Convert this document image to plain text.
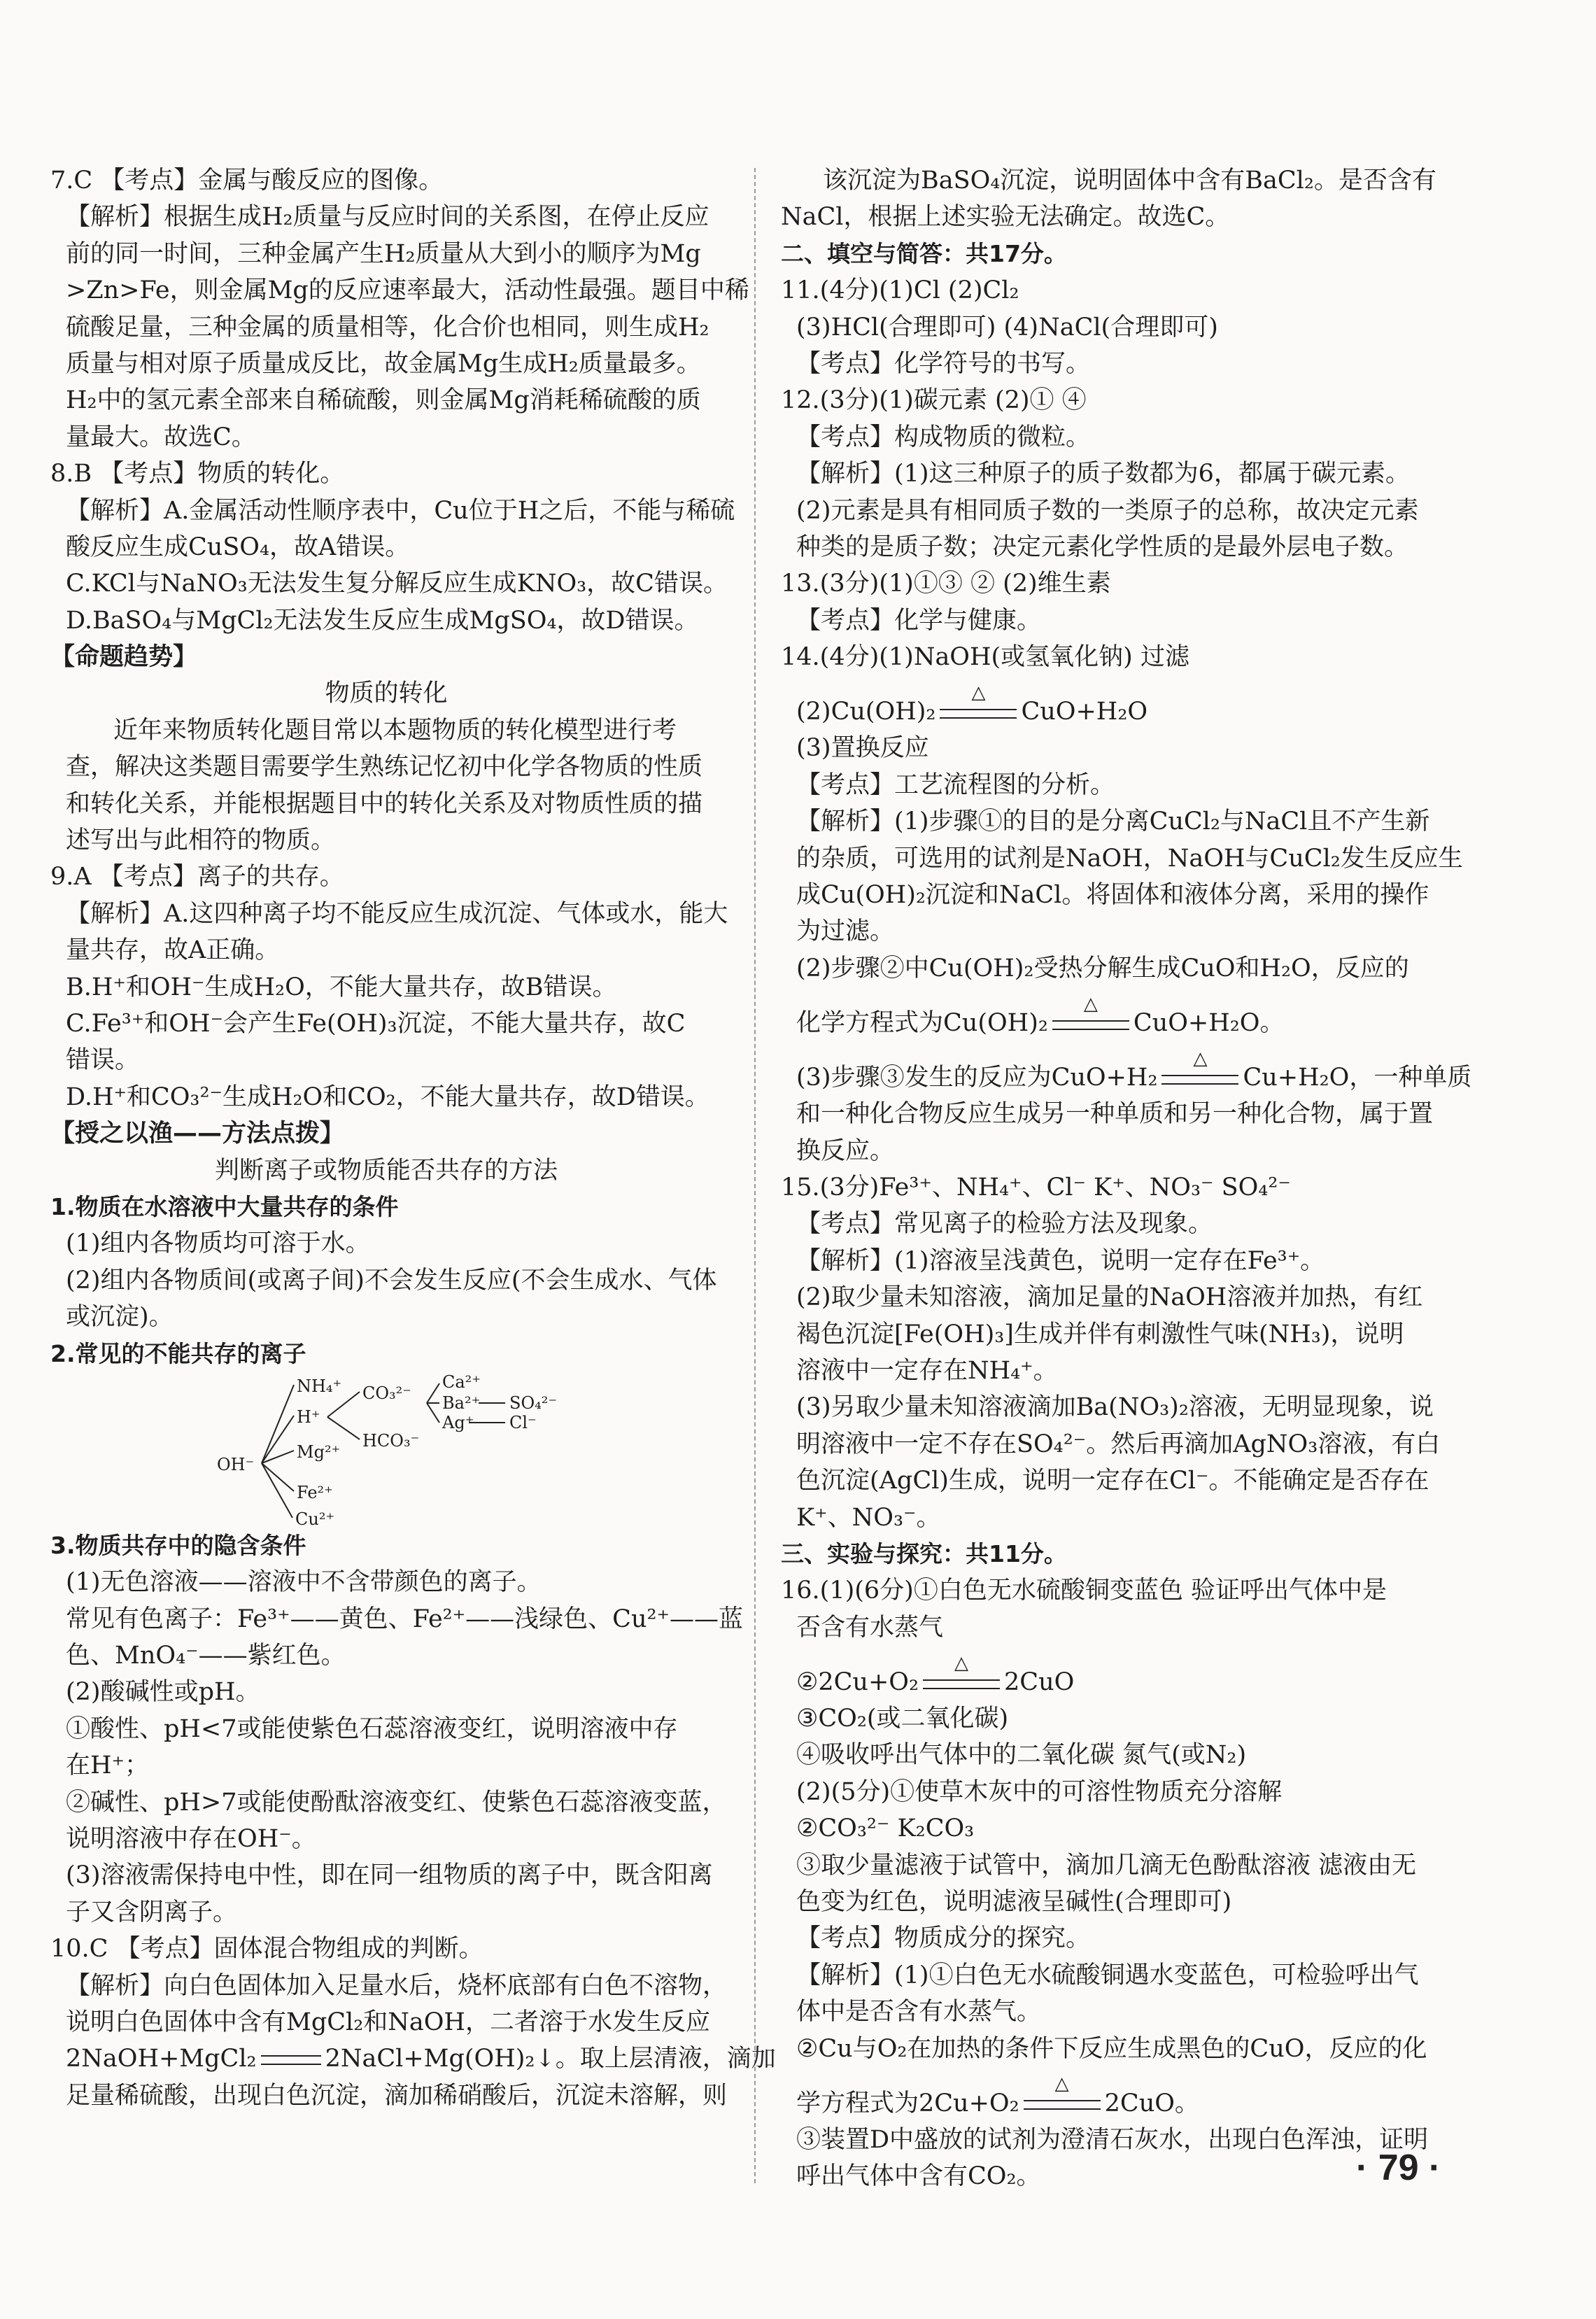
7.C 【考点】金属与酸反应的图像。
【解析】根据生成H₂质量与反应时间的关系图，在停止反应
前的同一时间，三种金属产生H₂质量从大到小的顺序为Mg
>Zn>Fe，则金属Mg的反应速率最大，活动性最强。题目中稀
硫酸足量，三种金属的质量相等，化合价也相同，则生成H₂
质量与相对原子质量成反比，故金属Mg生成H₂质量最多。
H₂中的氢元素全部来自稀硫酸，则金属Mg消耗稀硫酸的质
量最大。故选C。
8.B 【考点】物质的转化。
【解析】A.金属活动性顺序表中，Cu位于H之后，不能与稀硫
酸反应生成CuSO₄，故A错误。
C.KCl与NaNO₃无法发生复分解反应生成KNO₃，故C错误。
D.BaSO₄与MgCl₂无法发生反应生成MgSO₄，故D错误。
【命题趋势】
物质的转化
近年来物质转化题目常以本题物质的转化模型进行考
查，解决这类题目需要学生熟练记忆初中化学各物质的性质
和转化关系，并能根据题目中的转化关系及对物质性质的描
述写出与此相符的物质。
9.A 【考点】离子的共存。
【解析】A.这四种离子均不能反应生成沉淀、气体或水，能大
量共存，故A正确。
B.H⁺和OH⁻生成H₂O，不能大量共存，故B错误。
C.Fe³⁺和OH⁻会产生Fe(OH)₃沉淀，不能大量共存，故C
错误。
D.H⁺和CO₃²⁻生成H₂O和CO₂，不能大量共存，故D错误。
【授之以渔——方法点拨】
判断离子或物质能否共存的方法
1.物质在水溶液中大量共存的条件
(1)组内各物质均可溶于水。
(2)组内各物质间(或离子间)不会发生反应(不会生成水、气体
或沉淀)。
2.常见的不能共存的离子
OH⁻
NH₄⁺
H⁺
Mg²⁺
Fe²⁺
Cu²⁺
CO₃²⁻
HCO₃⁻
Ca²⁺
Ba²⁺
Ag⁺
SO₄²⁻
Cl⁻
3.物质共存中的隐含条件
(1)无色溶液——溶液中不含带颜色的离子。
常见有色离子：Fe³⁺——黄色、Fe²⁺——浅绿色、Cu²⁺——蓝
色、MnO₄⁻——紫红色。
(2)酸碱性或pH。
①酸性、pH<7或能使紫色石蕊溶液变红，说明溶液中存
在H⁺；
②碱性、pH>7或能使酚酞溶液变红、使紫色石蕊溶液变蓝，
说明溶液中存在OH⁻。
(3)溶液需保持电中性，即在同一组物质的离子中，既含阳离
子又含阴离子。
10.C 【考点】固体混合物组成的判断。
【解析】向白色固体加入足量水后，烧杯底部有白色不溶物，
说明白色固体中含有MgCl₂和NaOH，二者溶于水发生反应
2NaOH+MgCl₂	2NaCl+Mg(OH)₂↓。取上层清液，滴加
足量稀硫酸，出现白色沉淀，滴加稀硝酸后，沉淀未溶解，则
该沉淀为BaSO₄沉淀，说明固体中含有BaCl₂。是否含有
NaCl，根据上述实验无法确定。故选C。
二、填空与简答：共17分。
11.(4分)(1)Cl (2)Cl₂
(3)HCl(合理即可) (4)NaCl(合理即可)
【考点】化学符号的书写。
12.(3分)(1)碳元素 (2)① ④
【考点】构成物质的微粒。
【解析】(1)这三种原子的质子数都为6，都属于碳元素。
(2)元素是具有相同质子数的一类原子的总称，故决定元素
种类的是质子数；决定元素化学性质的是最外层电子数。
13.(3分)(1)①③ ② (2)维生素
【考点】化学与健康。
14.(4分)(1)NaOH(或氢氧化钠) 过滤
(2)Cu(OH)₂
△
CuO+H₂O
(3)置换反应
【考点】工艺流程图的分析。
【解析】(1)步骤①的目的是分离CuCl₂与NaCl且不产生新
的杂质，可选用的试剂是NaOH，NaOH与CuCl₂发生反应生
成Cu(OH)₂沉淀和NaCl。将固体和液体分离，采用的操作
为过滤。
(2)步骤②中Cu(OH)₂受热分解生成CuO和H₂O，反应的
化学方程式为Cu(OH)₂
△
CuO+H₂O。
(3)步骤③发生的反应为CuO+H₂
△
Cu+H₂O，一种单质
和一种化合物反应生成另一种单质和另一种化合物，属于置
换反应。
15.(3分)Fe³⁺、NH₄⁺、Cl⁻ K⁺、NO₃⁻ SO₄²⁻
【考点】常见离子的检验方法及现象。
【解析】(1)溶液呈浅黄色，说明一定存在Fe³⁺。
(2)取少量未知溶液，滴加足量的NaOH溶液并加热，有红
褐色沉淀[Fe(OH)₃]生成并伴有刺激性气味(NH₃)，说明
溶液中一定存在NH₄⁺。
(3)另取少量未知溶液滴加Ba(NO₃)₂溶液，无明显现象，说
明溶液中一定不存在SO₄²⁻。然后再滴加AgNO₃溶液，有白
色沉淀(AgCl)生成，说明一定存在Cl⁻。不能确定是否存在
K⁺、NO₃⁻。
三、实验与探究：共11分。
16.(1)(6分)①白色无水硫酸铜变蓝色 验证呼出气体中是
否含有水蒸气
②2Cu+O₂
△
2CuO
③CO₂(或二氧化碳)
④吸收呼出气体中的二氧化碳 氮气(或N₂)
(2)(5分)①使草木灰中的可溶性物质充分溶解
②CO₃²⁻ K₂CO₃
③取少量滤液于试管中，滴加几滴无色酚酞溶液 滤液由无
色变为红色，说明滤液呈碱性(合理即可)
【考点】物质成分的探究。
【解析】(1)①白色无水硫酸铜遇水变蓝色，可检验呼出气
体中是否含有水蒸气。
②Cu与O₂在加热的条件下反应生成黑色的CuO，反应的化
学方程式为2Cu+O₂
△
2CuO。
③装置D中盛放的试剂为澄清石灰水，出现白色浑浊，证明
呼出气体中含有CO₂。	· 79 ·
